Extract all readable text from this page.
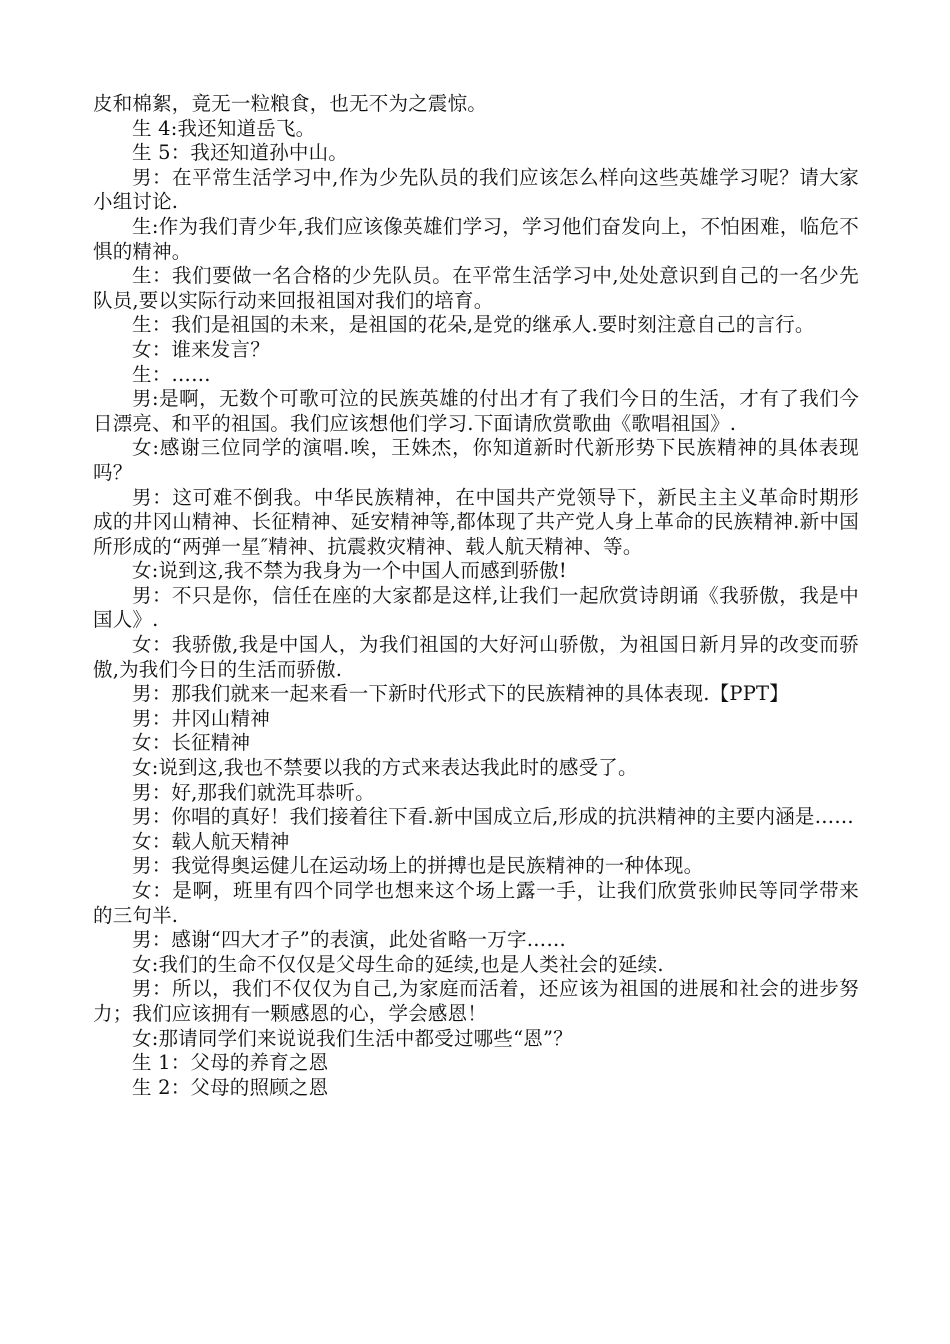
皮和棉絮，竟无一粒粮食，也无不为之震惊。

生 4:我还知道岳飞。

生 5：我还知道孙中山。

男：在平常生活学习中,作为少先队员的我们应该怎么样向这些英雄学习呢？请大家小组讨论.

生:作为我们青少年,我们应该像英雄们学习，学习他们奋发向上，不怕困难，临危不惧的精神。

生：我们要做一名合格的少先队员。在平常生活学习中,处处意识到自己的一名少先队员,要以实际行动来回报祖国对我们的培育。

生：我们是祖国的未来，是祖国的花朵,是党的继承人.要时刻注意自己的言行。

女：谁来发言？

生：……

男:是啊，无数个可歌可泣的民族英雄的付出才有了我们今日的生活，才有了我们今日漂亮、和平的祖国。我们应该想他们学习.下面请欣赏歌曲《歌唱祖国》.

女:感谢三位同学的演唱.唉，王姝杰，你知道新时代新形势下民族精神的具体表现吗？

男：这可难不倒我。中华民族精神，在中国共产党领导下，新民主主义革命时期形成的井冈山精神、长征精神、延安精神等,都体现了共产党人身上革命的民族精神.新中国所形成的“两弹一星″精神、抗震救灾精神、载人航天精神、等。

女:说到这,我不禁为我身为一个中国人而感到骄傲!

男：不只是你，信任在座的大家都是这样,让我们一起欣赏诗朗诵《我骄傲，我是中国人》.

女：我骄傲,我是中国人，为我们祖国的大好河山骄傲，为祖国日新月异的改变而骄傲,为我们今日的生活而骄傲.

男：那我们就来一起来看一下新时代形式下的民族精神的具体表现.【PPT】

男：井冈山精神

女：长征精神

女:说到这,我也不禁要以我的方式来表达我此时的感受了。

男：好,那我们就洗耳恭听。

男：你唱的真好！我们接着往下看.新中国成立后,形成的抗洪精神的主要内涵是……

女：载人航天精神

男：我觉得奥运健儿在运动场上的拼搏也是民族精神的一种体现。

女：是啊，班里有四个同学也想来这个场上露一手，让我们欣赏张帅民等同学带来的三句半.

男：感谢“四大才子”的表演，此处省略一万字……

女:我们的生命不仅仅是父母生命的延续,也是人类社会的延续.

男：所以，我们不仅仅为自己,为家庭而活着，还应该为祖国的进展和社会的进步努力；我们应该拥有一颗感恩的心，学会感恩！

女:那请同学们来说说我们生活中都受过哪些“恩”？

生 1：父母的养育之恩

生 2：父母的照顾之恩
